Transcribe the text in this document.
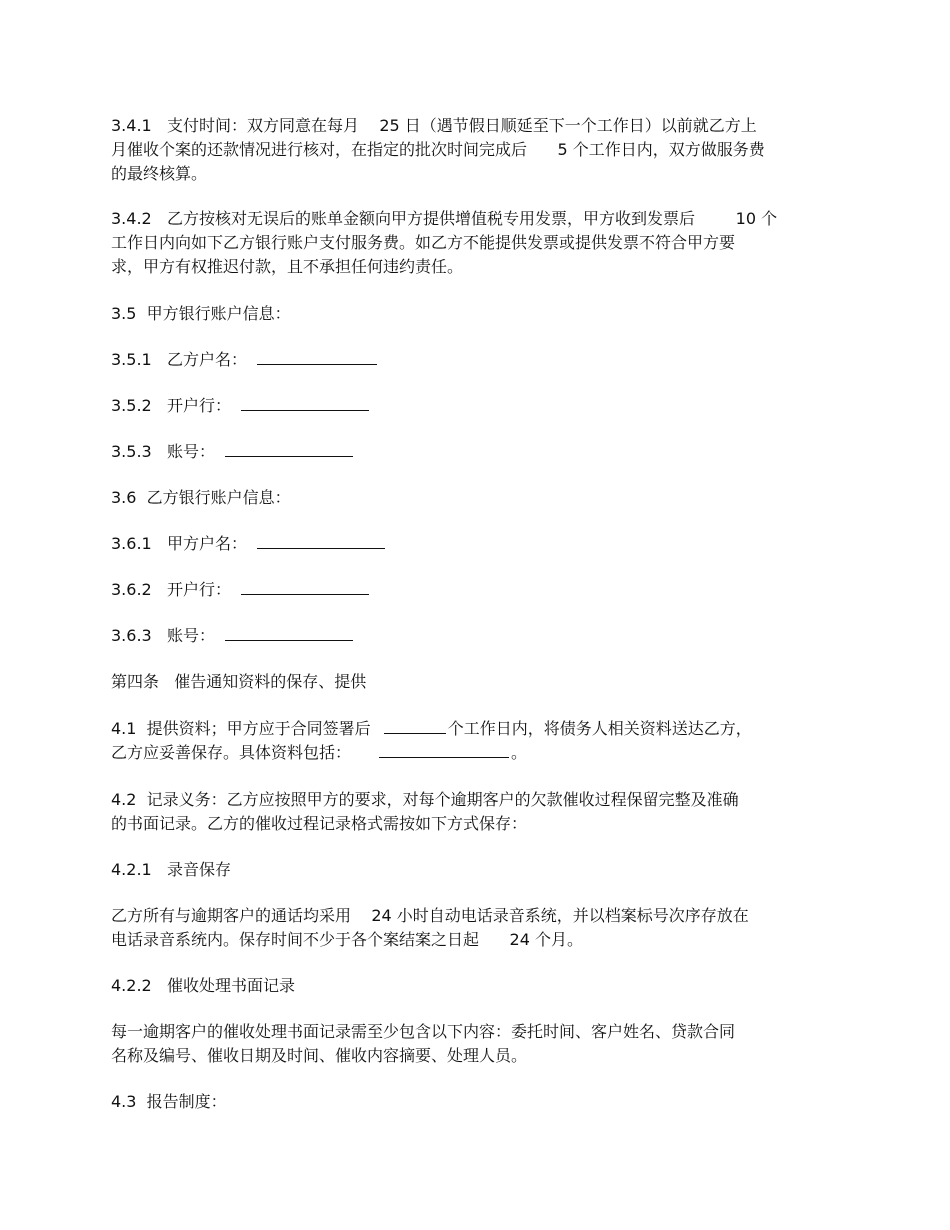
3.4.1   支付时间：双方同意在每月    25 日（遇节假日顺延至下一个工作日）以前就乙方上
月催收个案的还款情况进行核对，在指定的批次时间完成后      5 个工作日内，双方做服务费
的最终核算。
3.4.2   乙方按核对无误后的账单金额向甲方提供增值税专用发票，甲方收到发票后        10 个
工作日内向如下乙方银行账户支付服务费。如乙方不能提供发票或提供发票不符合甲方要
求，甲方有权推迟付款，且不承担任何违约责任。
3.5  甲方银行账户信息：
3.5.1   乙方户名：
3.5.2   开户行：
3.5.3   账号：
3.6  乙方银行账户信息：
3.6.1   甲方户名：
3.6.2   开户行：
3.6.3   账号：
第四条   催告通知资料的保存、提供
4.1  提供资料；甲方应于合同签署后	个工作日内，将债务人相关资料送达乙方，
乙方应妥善保存。具体资料包括：	。
4.2  记录义务：乙方应按照甲方的要求，对每个逾期客户的欠款催收过程保留完整及准确
的书面记录。乙方的催收过程记录格式需按如下方式保存：
4.2.1   录音保存
乙方所有与逾期客户的通话均采用    24 小时自动电话录音系统，并以档案标号次序存放在
电话录音系统内。保存时间不少于各个案结案之日起      24 个月。
4.2.2   催收处理书面记录
每一逾期客户的催收处理书面记录需至少包含以下内容：委托时间、客户姓名、贷款合同
名称及编号、催收日期及时间、催收内容摘要、处理人员。
4.3  报告制度：
